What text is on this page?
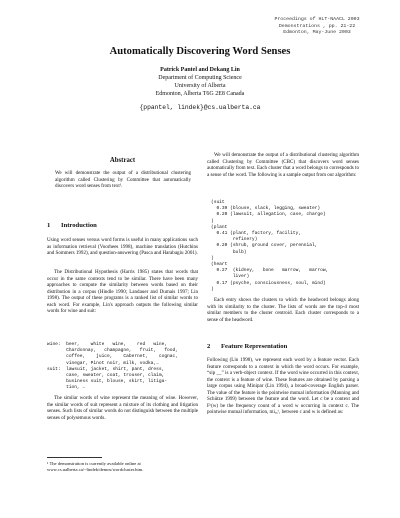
Proceedings of HLT-NAACL 2003
Demonstrations , pp. 21-22
Edmonton, May-June 2003
Automatically Discovering Word Senses
Patrick Pantel and Dekang Lin
Department of Computing Science
University of Alberta
Edmonton, Alberta T6G 2E8 Canada
{ppantel, lindek}@cs.ualberta.ca
Abstract
We will demonstrate the output of a distributional clustering algorithm called Clustering by Committee that automatically discovers word senses from text¹.
1 Introduction
Using word senses versus word forms is useful in many applications such as information retrieval (Voorhees 1998), machine translation (Hutchins and Sommers 1992), and question-answering (Pasca and Harabagiu 2001).
The Distributional Hypothesis (Harris 1985) states that words that occur in the same contexts tend to be similar. There have been many approaches to compute the similarity between words based on their distribution in a corpus (Hindle 1990; Landauer and Dumais 1997; Lin 1998). The output of these programs is a ranked list of similar words to each word. For example, Lin's approach outputs the following similar words for wine and suit:
wine:  beer,    white   wine,    red   wine,
Chardonnay,   champagne,   fruit,   food,
coffee,    juice,    Cabernet,    cognac,
vinegar, Pinot noir, milk, vodka,…
suit:  lawsuit, jacket, shirt, pant, dress,
case, sweater, coat, trouser, claim,
business suit, blouse, skirt, litiga-
tion, …
The similar words of wine represent the meaning of wine. However, the similar words of suit represent a mixture of its clothing and litigation senses. Such lists of similar words do not distinguish between the multiple senses of polysemous words.
¹ The demonstration is currently available online at www.cs.ualberta.ca/~lindek/demos/wordcluster.htm.
We will demonstrate the output of a distributional clustering algorithm called Clustering by Committee (CBC) that discovers word senses automatically from text. Each cluster that a word belongs to corresponds to a sense of the word. The following is a sample output from our algorithm:
(suit
0.39 (blouse, slack, legging, sweater)
0.20 (lawsuit, allegation, case, charge)
)
(plant
0.41 (plant, factory, facility,
refinery)
0.20 (shrub, ground cover, perennial,
bulb)
)
(heart
0.27  (kidney,   bone   marrow,   marrow,
liver)
0.17 (psyche, consciousness, soul, mind)
)
Each entry shows the clusters to which the headword belongs along with its similarity to the cluster. The lists of words are the top-4 most similar members to the cluster centroid. Each cluster corresponds to a sense of the headword.
2 Feature Representation
Following (Lin 1998), we represent each word by a feature vector. Each feature corresponds to a context in which the word occurs. For example, “sip __” is a verb-object context. If the word wine occurred in this context, the context is a feature of wine. These features are obtained by parsing a large corpus using Minipar (Lin 1994), a broad-coverage English parser. The value of the feature is the pointwise mutual information (Manning and Schütze 1999) between the feature and the word. Let c be a context and Fᶜ(w) be the frequency count of a word w occurring in context c. The pointwise mutual information, miᵤ,ᶜ, between c and w is defined as:
